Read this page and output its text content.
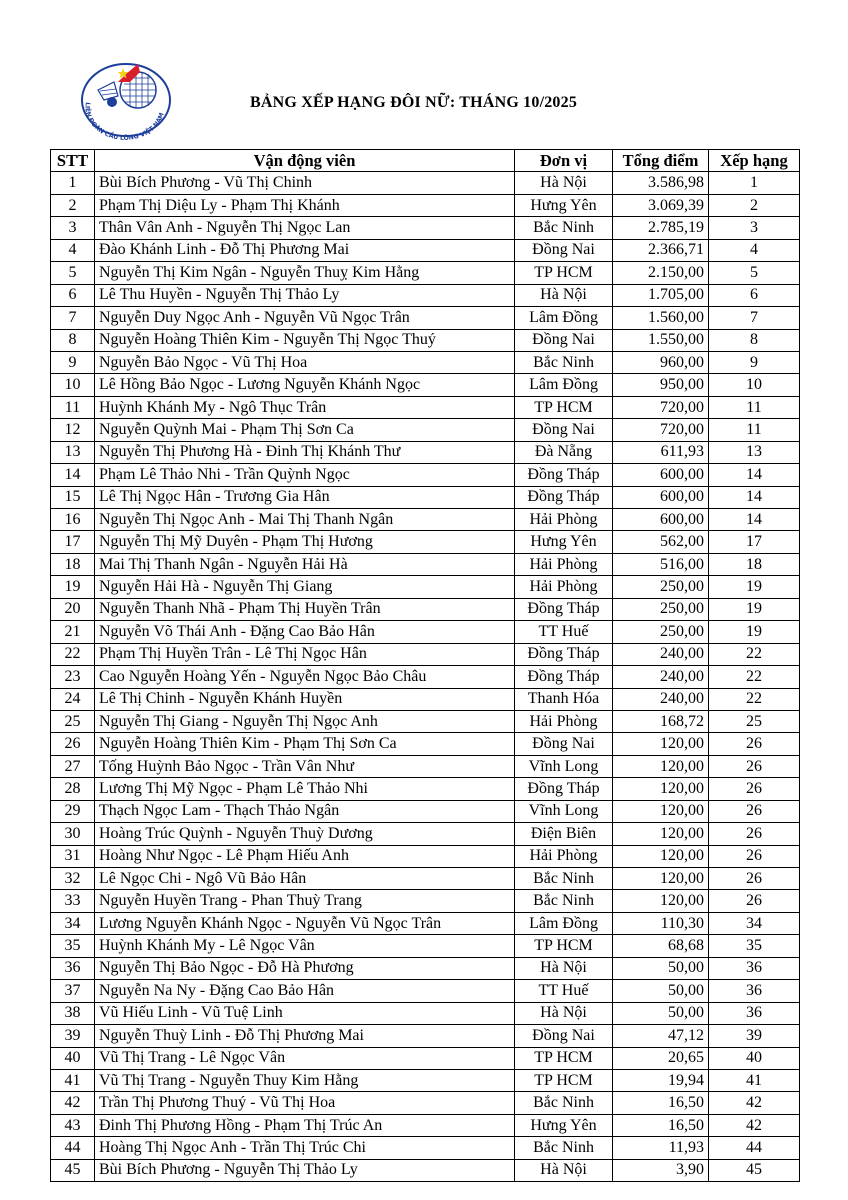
LIÊN ĐOÀN CẦU LÔNG VIỆT NAM
BẢNG XẾP HẠNG ĐÔI NỮ: THÁNG 10/2025
STT	Vận động viên	Đơn vị	Tổng điểm	Xếp hạng
1	Bùi Bích Phương - Vũ Thị Chinh	Hà Nội	3.586,98	1
2	Phạm Thị Diệu Ly - Phạm Thị Khánh	Hưng Yên	3.069,39	2
3	Thân Vân Anh - Nguyễn Thị Ngọc Lan	Bắc Ninh	2.785,19	3
4	Đào Khánh Linh - Đỗ Thị Phương Mai	Đồng Nai	2.366,71	4
5	Nguyễn Thị Kim Ngân - Nguyễn Thuỵ Kim Hằng	TP HCM	2.150,00	5
6	Lê Thu Huyền - Nguyễn Thị Thảo Ly	Hà Nội	1.705,00	6
7	Nguyễn Duy Ngọc Anh - Nguyễn Vũ Ngọc Trân	Lâm Đồng	1.560,00	7
8	Nguyễn Hoàng Thiên Kim - Nguyễn Thị Ngọc Thuý	Đồng Nai	1.550,00	8
9	Nguyễn Bảo Ngọc - Vũ Thị Hoa	Bắc Ninh	960,00	9
10	Lê Hồng Bảo Ngọc - Lương Nguyễn Khánh Ngọc	Lâm Đồng	950,00	10
11	Huỳnh Khánh My - Ngô Thục Trân	TP HCM	720,00	11
12	Nguyễn Quỳnh Mai - Phạm Thị Sơn Ca	Đồng Nai	720,00	11
13	Nguyễn Thị Phương Hà - Đinh Thị Khánh Thư	Đà Nẵng	611,93	13
14	Phạm Lê Thảo Nhi - Trần Quỳnh Ngọc	Đồng Tháp	600,00	14
15	Lê Thị Ngọc Hân - Trương Gia Hân	Đồng Tháp	600,00	14
16	Nguyễn Thị Ngọc Anh - Mai Thị Thanh Ngân	Hải Phòng	600,00	14
17	Nguyễn Thị Mỹ Duyên - Phạm Thị Hương	Hưng Yên	562,00	17
18	Mai Thị Thanh Ngân - Nguyễn Hải Hà	Hải Phòng	516,00	18
19	Nguyễn Hải Hà - Nguyễn Thị Giang	Hải Phòng	250,00	19
20	Nguyễn Thanh Nhã - Phạm Thị Huyền Trân	Đồng Tháp	250,00	19
21	Nguyễn Võ Thái Anh - Đặng Cao Bảo Hân	TT Huế	250,00	19
22	Phạm Thị Huyền Trân - Lê Thị Ngọc Hân	Đồng Tháp	240,00	22
23	Cao Nguyễn Hoàng Yến - Nguyễn Ngọc Bảo Châu	Đồng Tháp	240,00	22
24	Lê Thị Chinh - Nguyễn Khánh Huyền	Thanh Hóa	240,00	22
25	Nguyễn Thị Giang - Nguyễn Thị Ngọc Anh	Hải Phòng	168,72	25
26	Nguyễn Hoàng Thiên Kim - Phạm Thị Sơn Ca	Đồng Nai	120,00	26
27	Tống Huỳnh Bảo Ngọc - Trần Vân Như	Vĩnh Long	120,00	26
28	Lương Thị Mỹ Ngọc - Phạm Lê Thảo Nhi	Đồng Tháp	120,00	26
29	Thạch Ngọc Lam - Thạch Thảo Ngân	Vĩnh Long	120,00	26
30	Hoàng Trúc Quỳnh - Nguyễn Thuỳ Dương	Điện Biên	120,00	26
31	Hoàng Như Ngọc - Lê Phạm Hiếu Anh	Hải Phòng	120,00	26
32	Lê Ngọc Chi - Ngô Vũ Bảo Hân	Bắc Ninh	120,00	26
33	Nguyễn Huyền Trang - Phan Thuỳ Trang	Bắc Ninh	120,00	26
34	Lương Nguyễn Khánh Ngọc - Nguyễn Vũ Ngọc Trân	Lâm Đồng	110,30	34
35	Huỳnh Khánh My - Lê Ngọc Vân	TP HCM	68,68	35
36	Nguyễn Thị Bảo Ngọc - Đỗ Hà Phương	Hà Nội	50,00	36
37	Nguyễn Na Ny - Đặng Cao Bảo Hân	TT Huế	50,00	36
38	Vũ Hiếu Linh - Vũ Tuệ Linh	Hà Nội	50,00	36
39	Nguyễn Thuỳ Linh - Đỗ Thị Phương Mai	Đồng Nai	47,12	39
40	Vũ Thị Trang - Lê Ngọc Vân	TP HCM	20,65	40
41	Vũ Thị Trang - Nguyễn Thuy Kim Hằng	TP HCM	19,94	41
42	Trần Thị Phương Thuý - Vũ Thị Hoa	Bắc Ninh	16,50	42
43	Đinh Thị Phương Hồng - Phạm Thị Trúc An	Hưng Yên	16,50	42
44	Hoàng Thị Ngọc Anh - Trần Thị Trúc Chi	Bắc Ninh	11,93	44
45	Bùi Bích Phương - Nguyễn Thị Thảo Ly	Hà Nội	3,90	45
